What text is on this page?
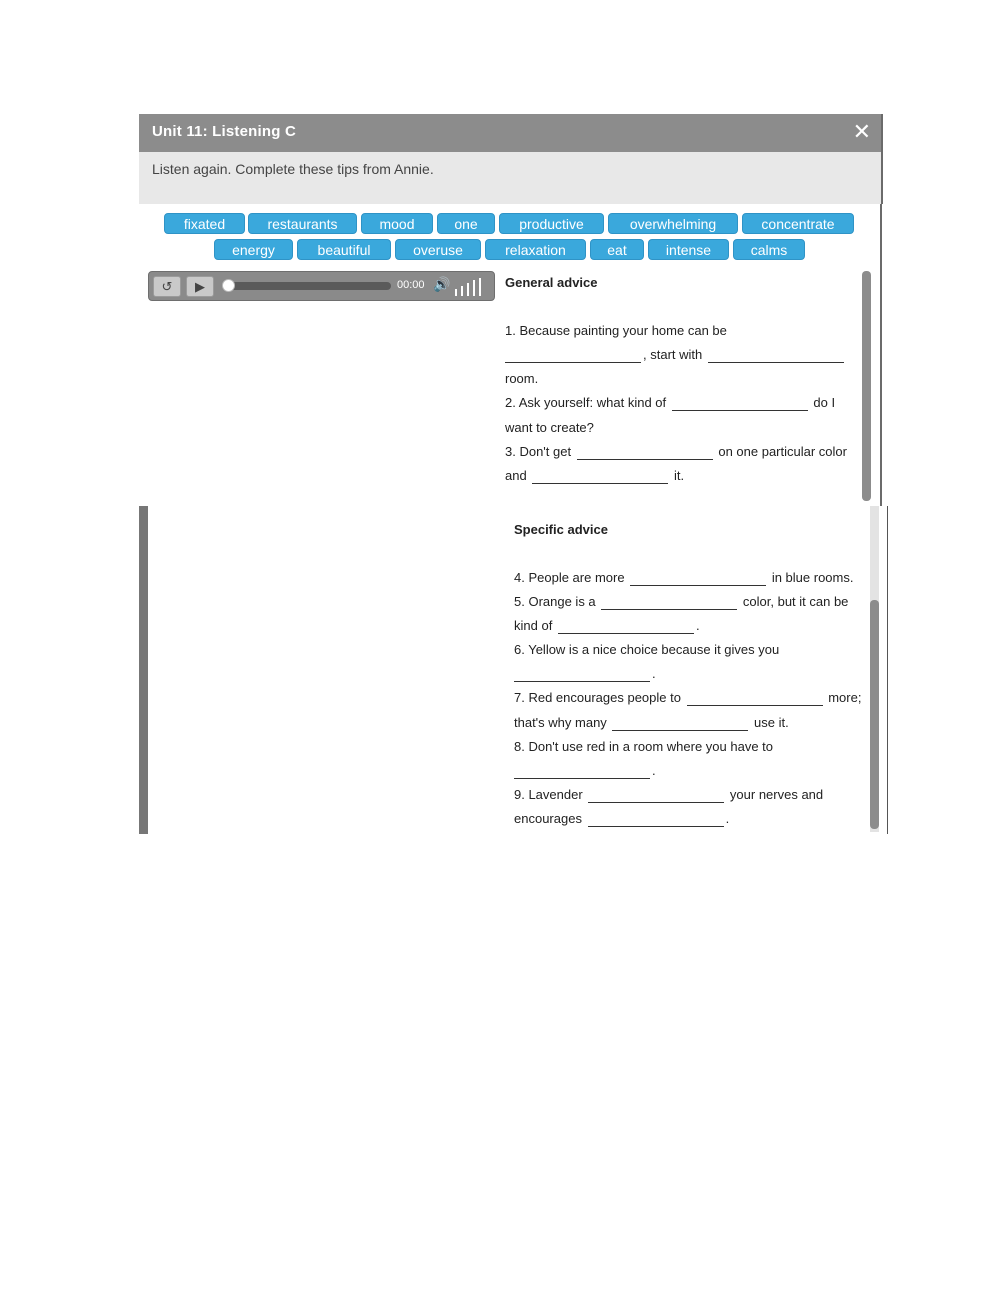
Unit 11: Listening C	✕
Listen again. Complete these tips from Annie.
fixated	restaurants	mood	one	productive	overwhelming	concentrate
energy	beautiful	overuse	relaxation	eat	intense	calms
↺	▶	00:00 🔊	General advice
1. Because painting your home can be
, start with
room.
2. Ask yourself: what kind of	do I
want to create?
3. Don't get	on one particular color
and	it.
Specific advice
4. People are more	in blue rooms.
5. Orange is a	color, but it can be
kind of	.
6. Yellow is a nice choice because it gives you
.
7. Red encourages people to	more;
that's why many	use it.
8. Don't use red in a room where you have to
.
9. Lavender	your nerves and
encourages	.
